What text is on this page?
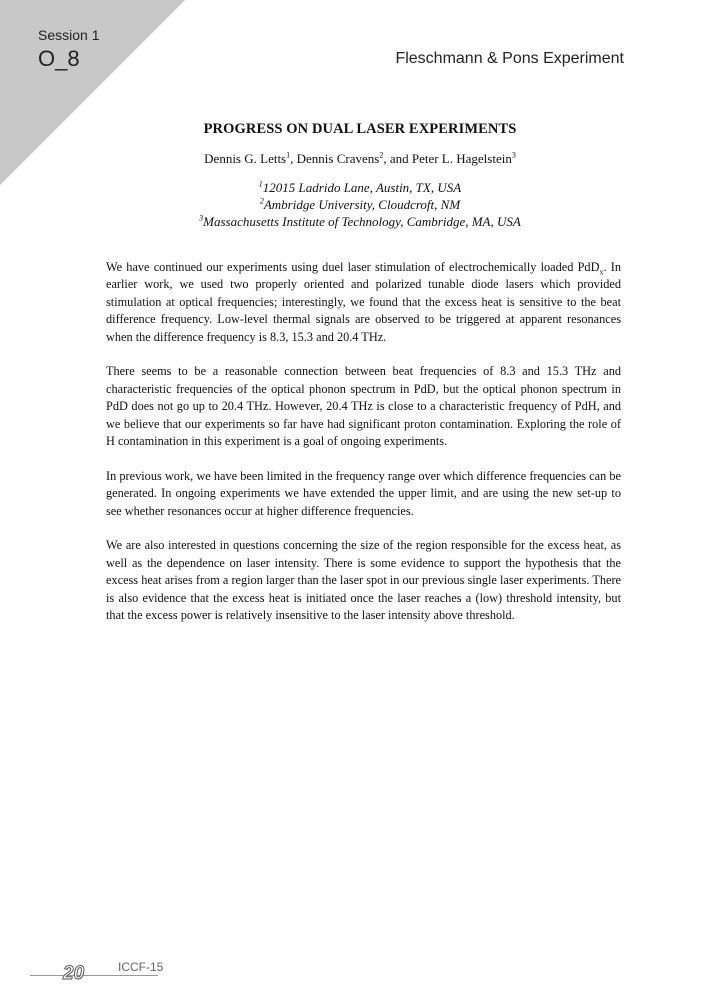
Session 1
O_8	Fleschmann & Pons Experiment
PROGRESS ON DUAL LASER EXPERIMENTS
Dennis G. Letts$^1$, Dennis Cravens$^2$, and Peter L. Hagelstein$^3$
$^1$12015 Ladrido Lane, Austin, TX, USA
$^2$Ambridge University, Cloudcroft, NM
$^3$Massachusetts Institute of Technology, Cambridge, MA, USA

We have continued our experiments using duel laser stimulation of electrochemically loaded PdD$_x$. In earlier work, we used two properly oriented and polarized tunable diode lasers which provided stimulation at optical frequencies; interestingly, we found that the excess heat is sensitive to the beat difference frequency. Low-level thermal signals are observed to be triggered at apparent resonances when the difference frequency is 8.3, 15.3 and 20.4 THz.

There seems to be a reasonable connection between beat frequencies of 8.3 and 15.3 THz and characteristic frequencies of the optical phonon spectrum in PdD, but the optical phonon spectrum in PdD does not go up to 20.4 THz. However, 20.4 THz is close to a characteristic frequency of PdH, and we believe that our experiments so far have had significant proton contamination. Exploring the role of H contamination in this experiment is a goal of ongoing experiments.

In previous work, we have been limited in the frequency range over which difference frequencies can be generated. In ongoing experiments we have extended the upper limit, and are using the new set-up to see whether resonances occur at higher difference frequencies.

We are also interested in questions concerning the size of the region responsible for the excess heat, as well as the dependence on laser intensity. There is some evidence to support the hypothesis that the excess heat arises from a region larger than the laser spot in our previous single laser experiments. There is also evidence that the excess heat is initiated once the laser reaches a (low) threshold intensity, but that the excess power is relatively insensitive to the laser intensity above threshold.

ICCF-15
20
